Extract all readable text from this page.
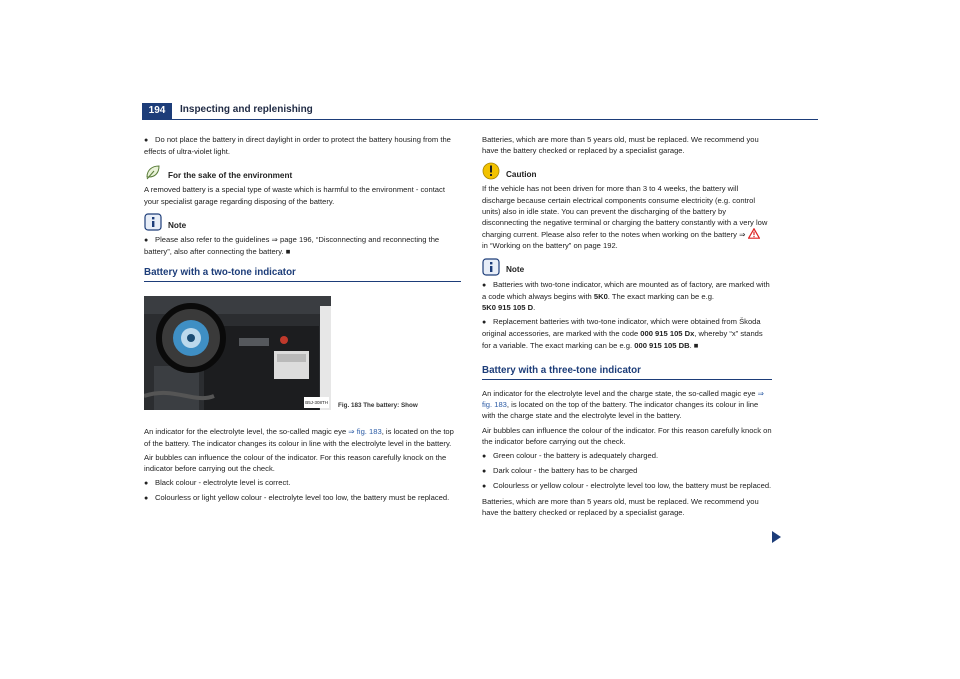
194	Inspecting and replenishing
● Do not place the battery in direct daylight in order to protect the battery housing from the effects of ultra-violet light.
For the sake of the environment

A removed battery is a special type of waste which is harmful to the environment - contact your specialist garage regarding disposing of the battery.

Note
● Please also refer to the guidelines ⇒ page 196, “Disconnecting and reconnecting the battery”, also after connecting the battery. ■
Battery with a two-tone indicator
B5J-308TH Fig. 183 The battery: Show

An indicator for the electrolyte level, the so-called magic eye ⇒ fig. 183, is located on the top of the battery. The indicator changes its colour in line with the electrolyte level in the battery.

Air bubbles can influence the colour of the indicator. For this reason carefully knock on the indicator before carrying out the check.

● Black colour - electrolyte level is correct.
● Colourless or light yellow colour - electrolyte level too low, the battery must be replaced.

Batteries, which are more than 5 years old, must be replaced. We recommend you have the battery checked or replaced by a specialist garage.

Caution

If the vehicle has not been driven for more than 3 to 4 weeks, the battery will discharge because certain electrical components consume electricity (e.g. control units) also in idle state. You can prevent the discharging of the battery by disconnecting the negative terminal or charging the battery constantly with a very low charging current. Please also refer to the notes when working on the battery ⇒
in “Working on the battery” on page 192.

Note
● Batteries with two-tone indicator, which are mounted as of factory, are marked with a code which always begins with 5K0. The exact marking can be e.g.
5K0 915 105 D.
● Replacement batteries with two-tone indicator, which were obtained from Škoda original accessories, are marked with the code 000 915 105 Dx, whereby “x” stands for a variable. The exact marking can be e.g. 000 915 105 DB. ■
Battery with a three-tone indicator

An indicator for the electrolyte level and the charge state, the so-called magic eye ⇒ fig. 183, is located on the top of the battery. The indicator changes its colour in line with the charge state and the electrolyte level in the battery.

Air bubbles can influence the colour of the indicator. For this reason carefully knock on the indicator before carrying out the check.

● Green colour - the battery is adequately charged.
● Dark colour - the battery has to be charged
● Colourless or yellow colour - electrolyte level too low, the battery must be replaced.

Batteries, which are more than 5 years old, must be replaced. We recommend you have the battery checked or replaced by a specialist garage.
